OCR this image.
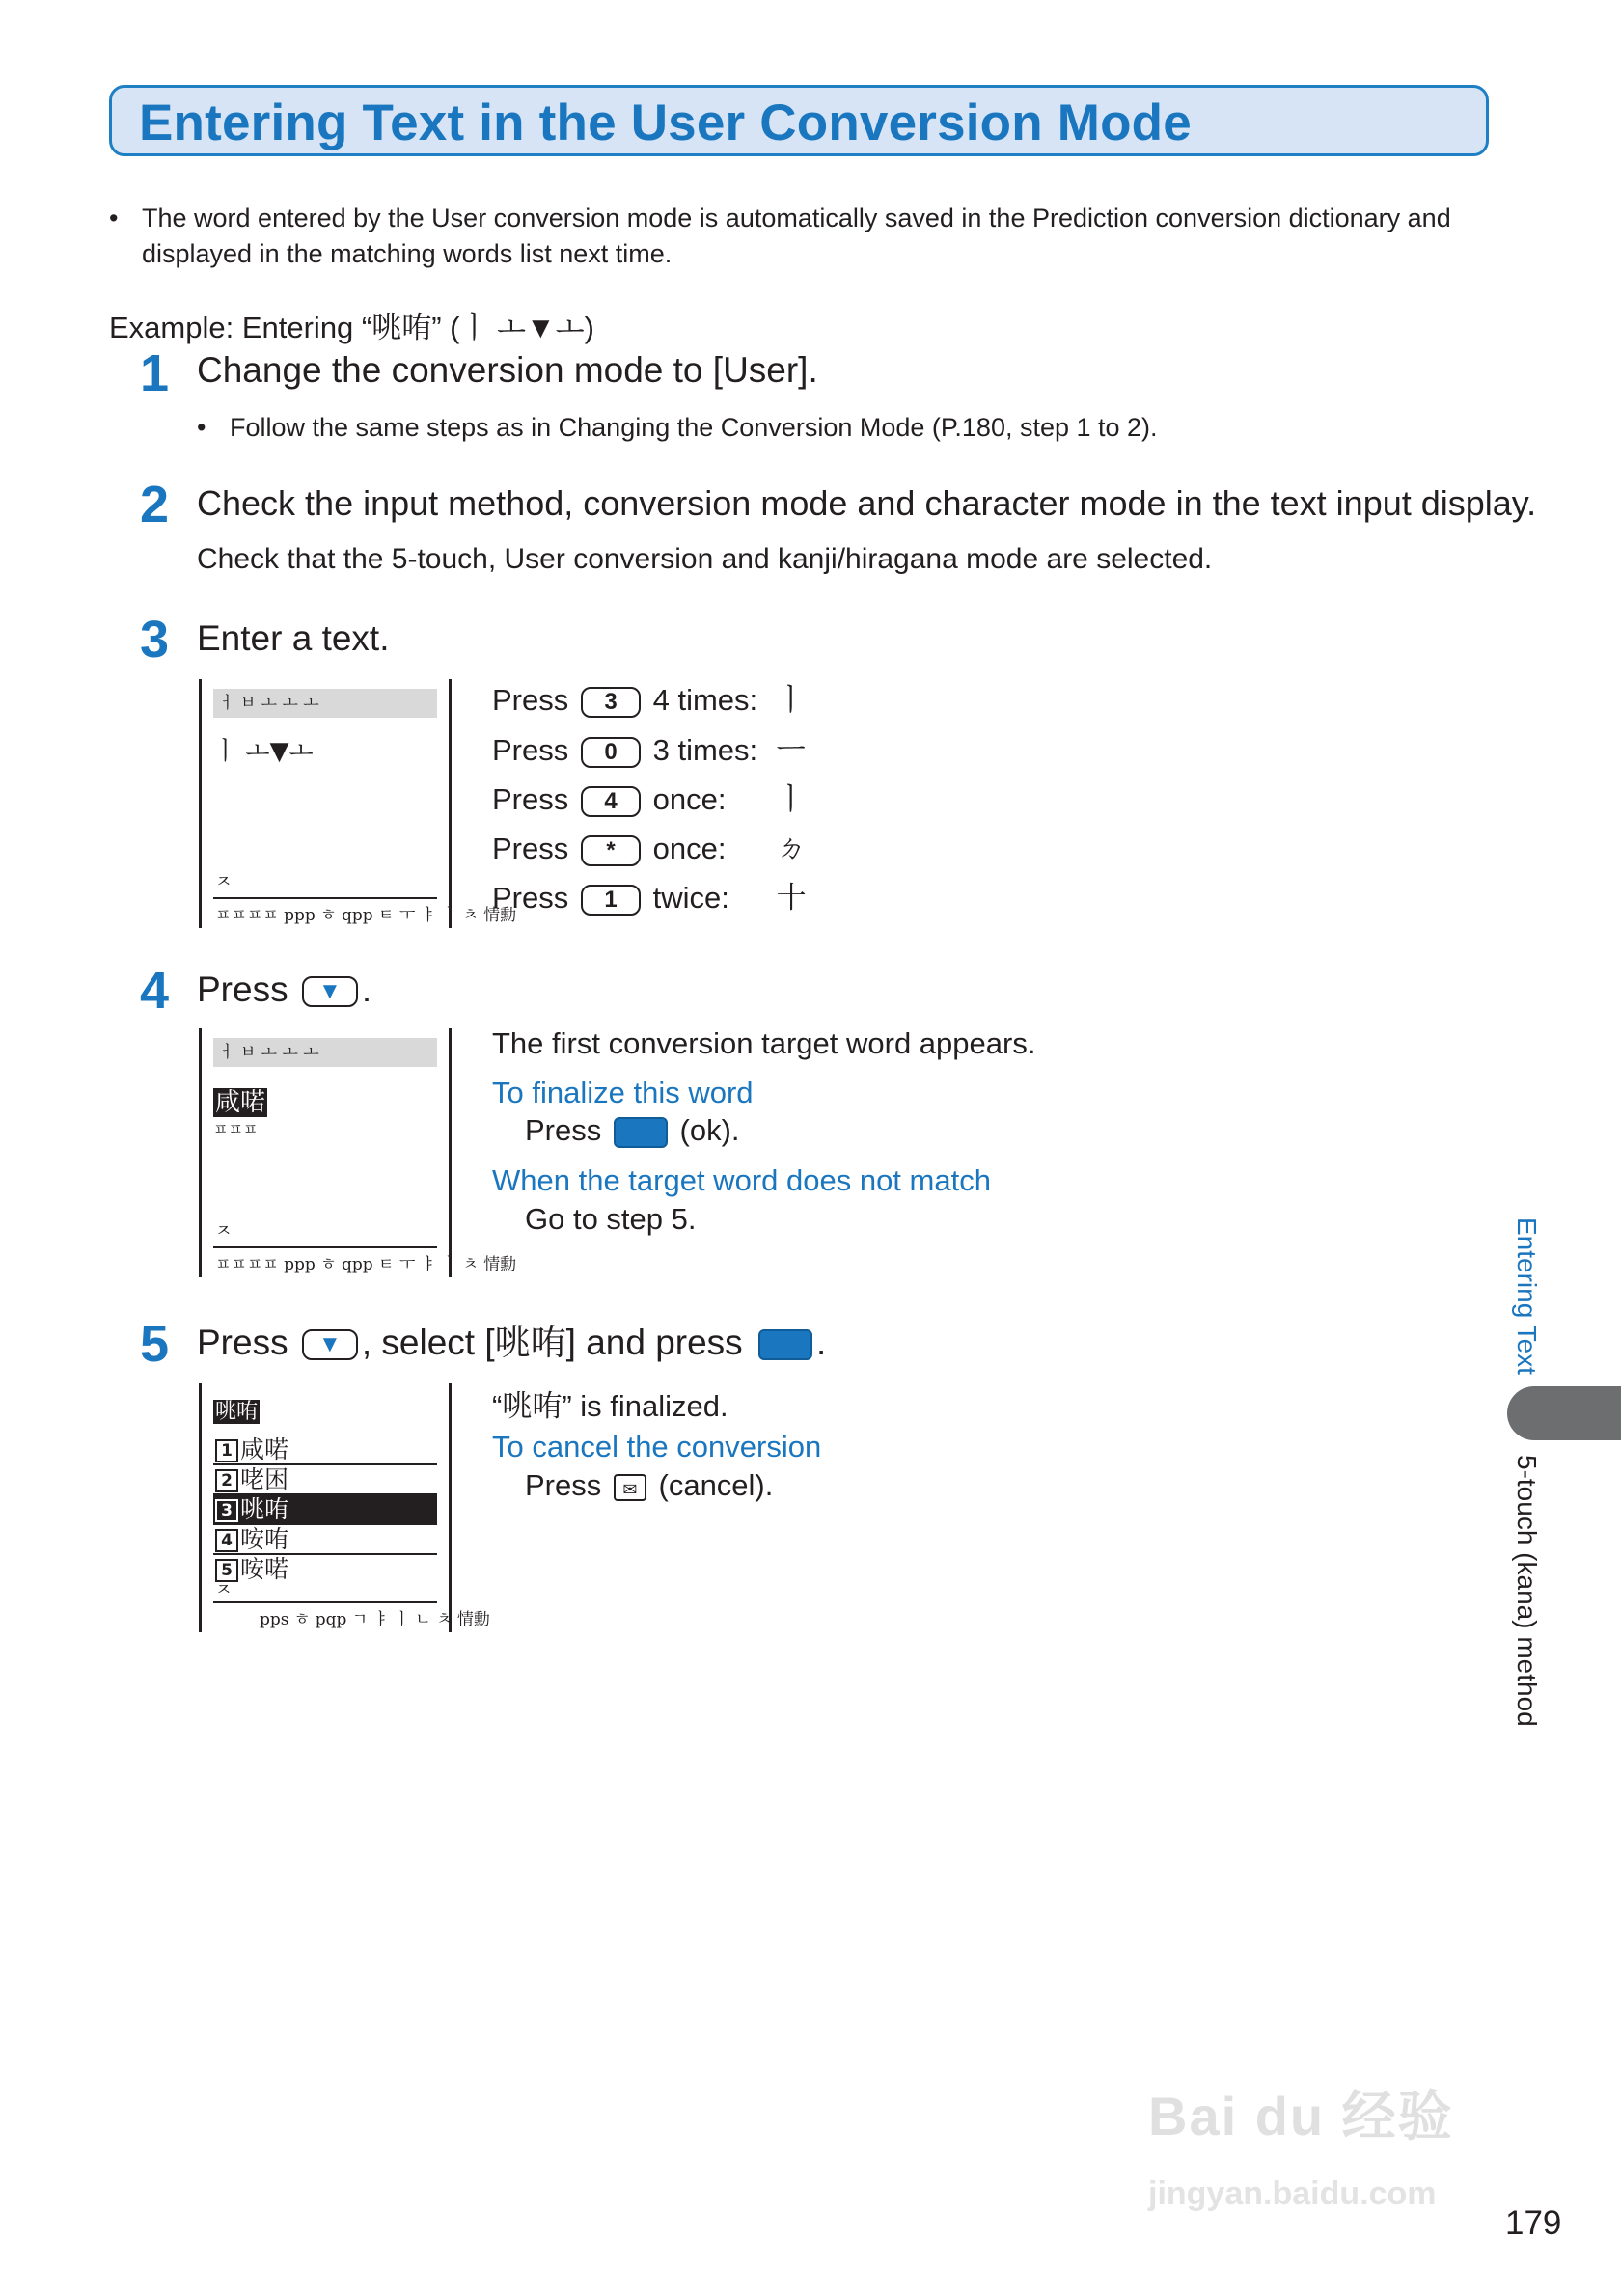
Entering Text in the User Conversion Mode
• The word entered by the User conversion mode is automatically saved in the Prediction conversion dictionary and displayed in the matching words list next time.

Example: Entering “咷哊” (ㅣ ㅗ▼ㅗ)
1 Change the conversion mode to [User].
• Follow the same steps as in Changing the Conversion Mode (P.180, step 1 to 2).
2 Check the input method, conversion mode and character mode in the text input display.
Check that the 5-touch, User conversion and kanji/hiragana mode are selected.
3 Enter a text.
ㅓ ㅂ ㅗ ㅗ ㅗ
ㅣ ㅗ▼ㅗ
ㅈ
ㅍㅍㅍㅍ ppp ㅎ qpp ㅌ ㅜ ㅑ ㅣ ㅊ 情勳
Press 3 4 times: ㅣ
Press 0 3 times: ㅡ
Press 4 once: ㅣ
Press * once: ㄉ
Press 1 twice: 十
4 Press ▼ .
ㅓ ㅂ ㅗ ㅗ ㅗ
咸喏
ㅍㅍㅍ
ㅈ
ㅍㅍㅍㅍ ppp ㅎ qpp ㅌ ㅜ ㅑ ㅣ ㅊ 情勳
The first conversion target word appears.
To finalize this word
Press	(ok).
When the target word does not match
Go to step 5.
5 Press ▼ , select [咷哊] and press .
咷哊
1 咸喏
2 咾困
3 咷哊
4 咹哊
5 咹喏
ㅈ
pps ㅎ pqp ㄱ ㅑ ㅣ ㄴ ㅊ 情勳
“咷哊” is finalized.
To cancel the conversion
Press ✉ (cancel).
Entering Text
5-touch (kana) method
Bai du 经验
jingyan.baidu.com
179
